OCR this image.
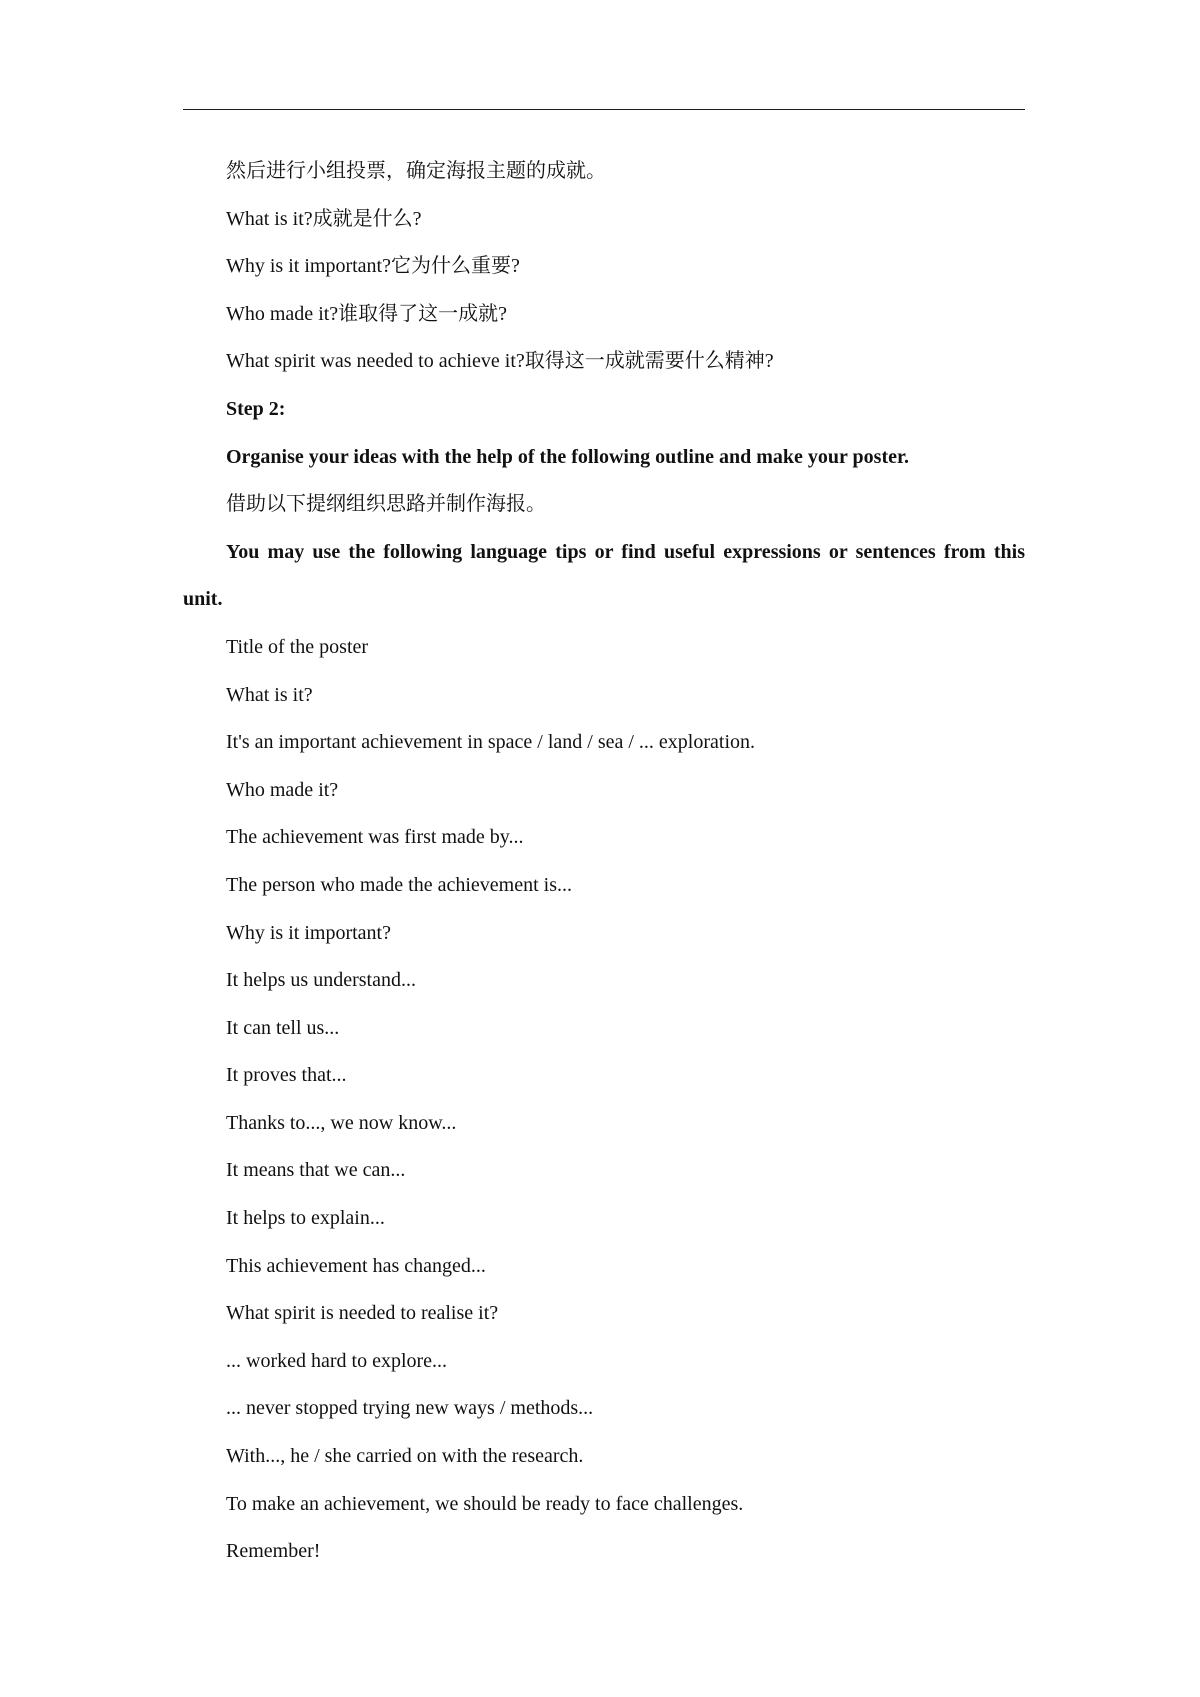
然后进行小组投票，确定海报主题的成就。
What is it?成就是什么?
Why is it important?它为什么重要?
Who made it?谁取得了这一成就?
What spirit was needed to achieve it?取得这一成就需要什么精神?
Step 2:
Organise your ideas with the help of the following outline and make your poster.
借助以下提纲组织思路并制作海报。
You may use the following language tips or find useful expressions or sentences from this unit.
Title of the poster
What is it?
It's an important achievement in space / land / sea / ... exploration.
Who made it?
The achievement was first made by...
The person who made the achievement is...
Why is it important?
It helps us understand...
It can tell us...
It proves that...
Thanks to..., we now know...
It means that we can...
It helps to explain...
This achievement has changed...
What spirit is needed to realise it?
... worked hard to explore...
... never stopped trying new ways / methods...
With..., he / she carried on with the research.
To make an achievement, we should be ready to face challenges.
Remember!
